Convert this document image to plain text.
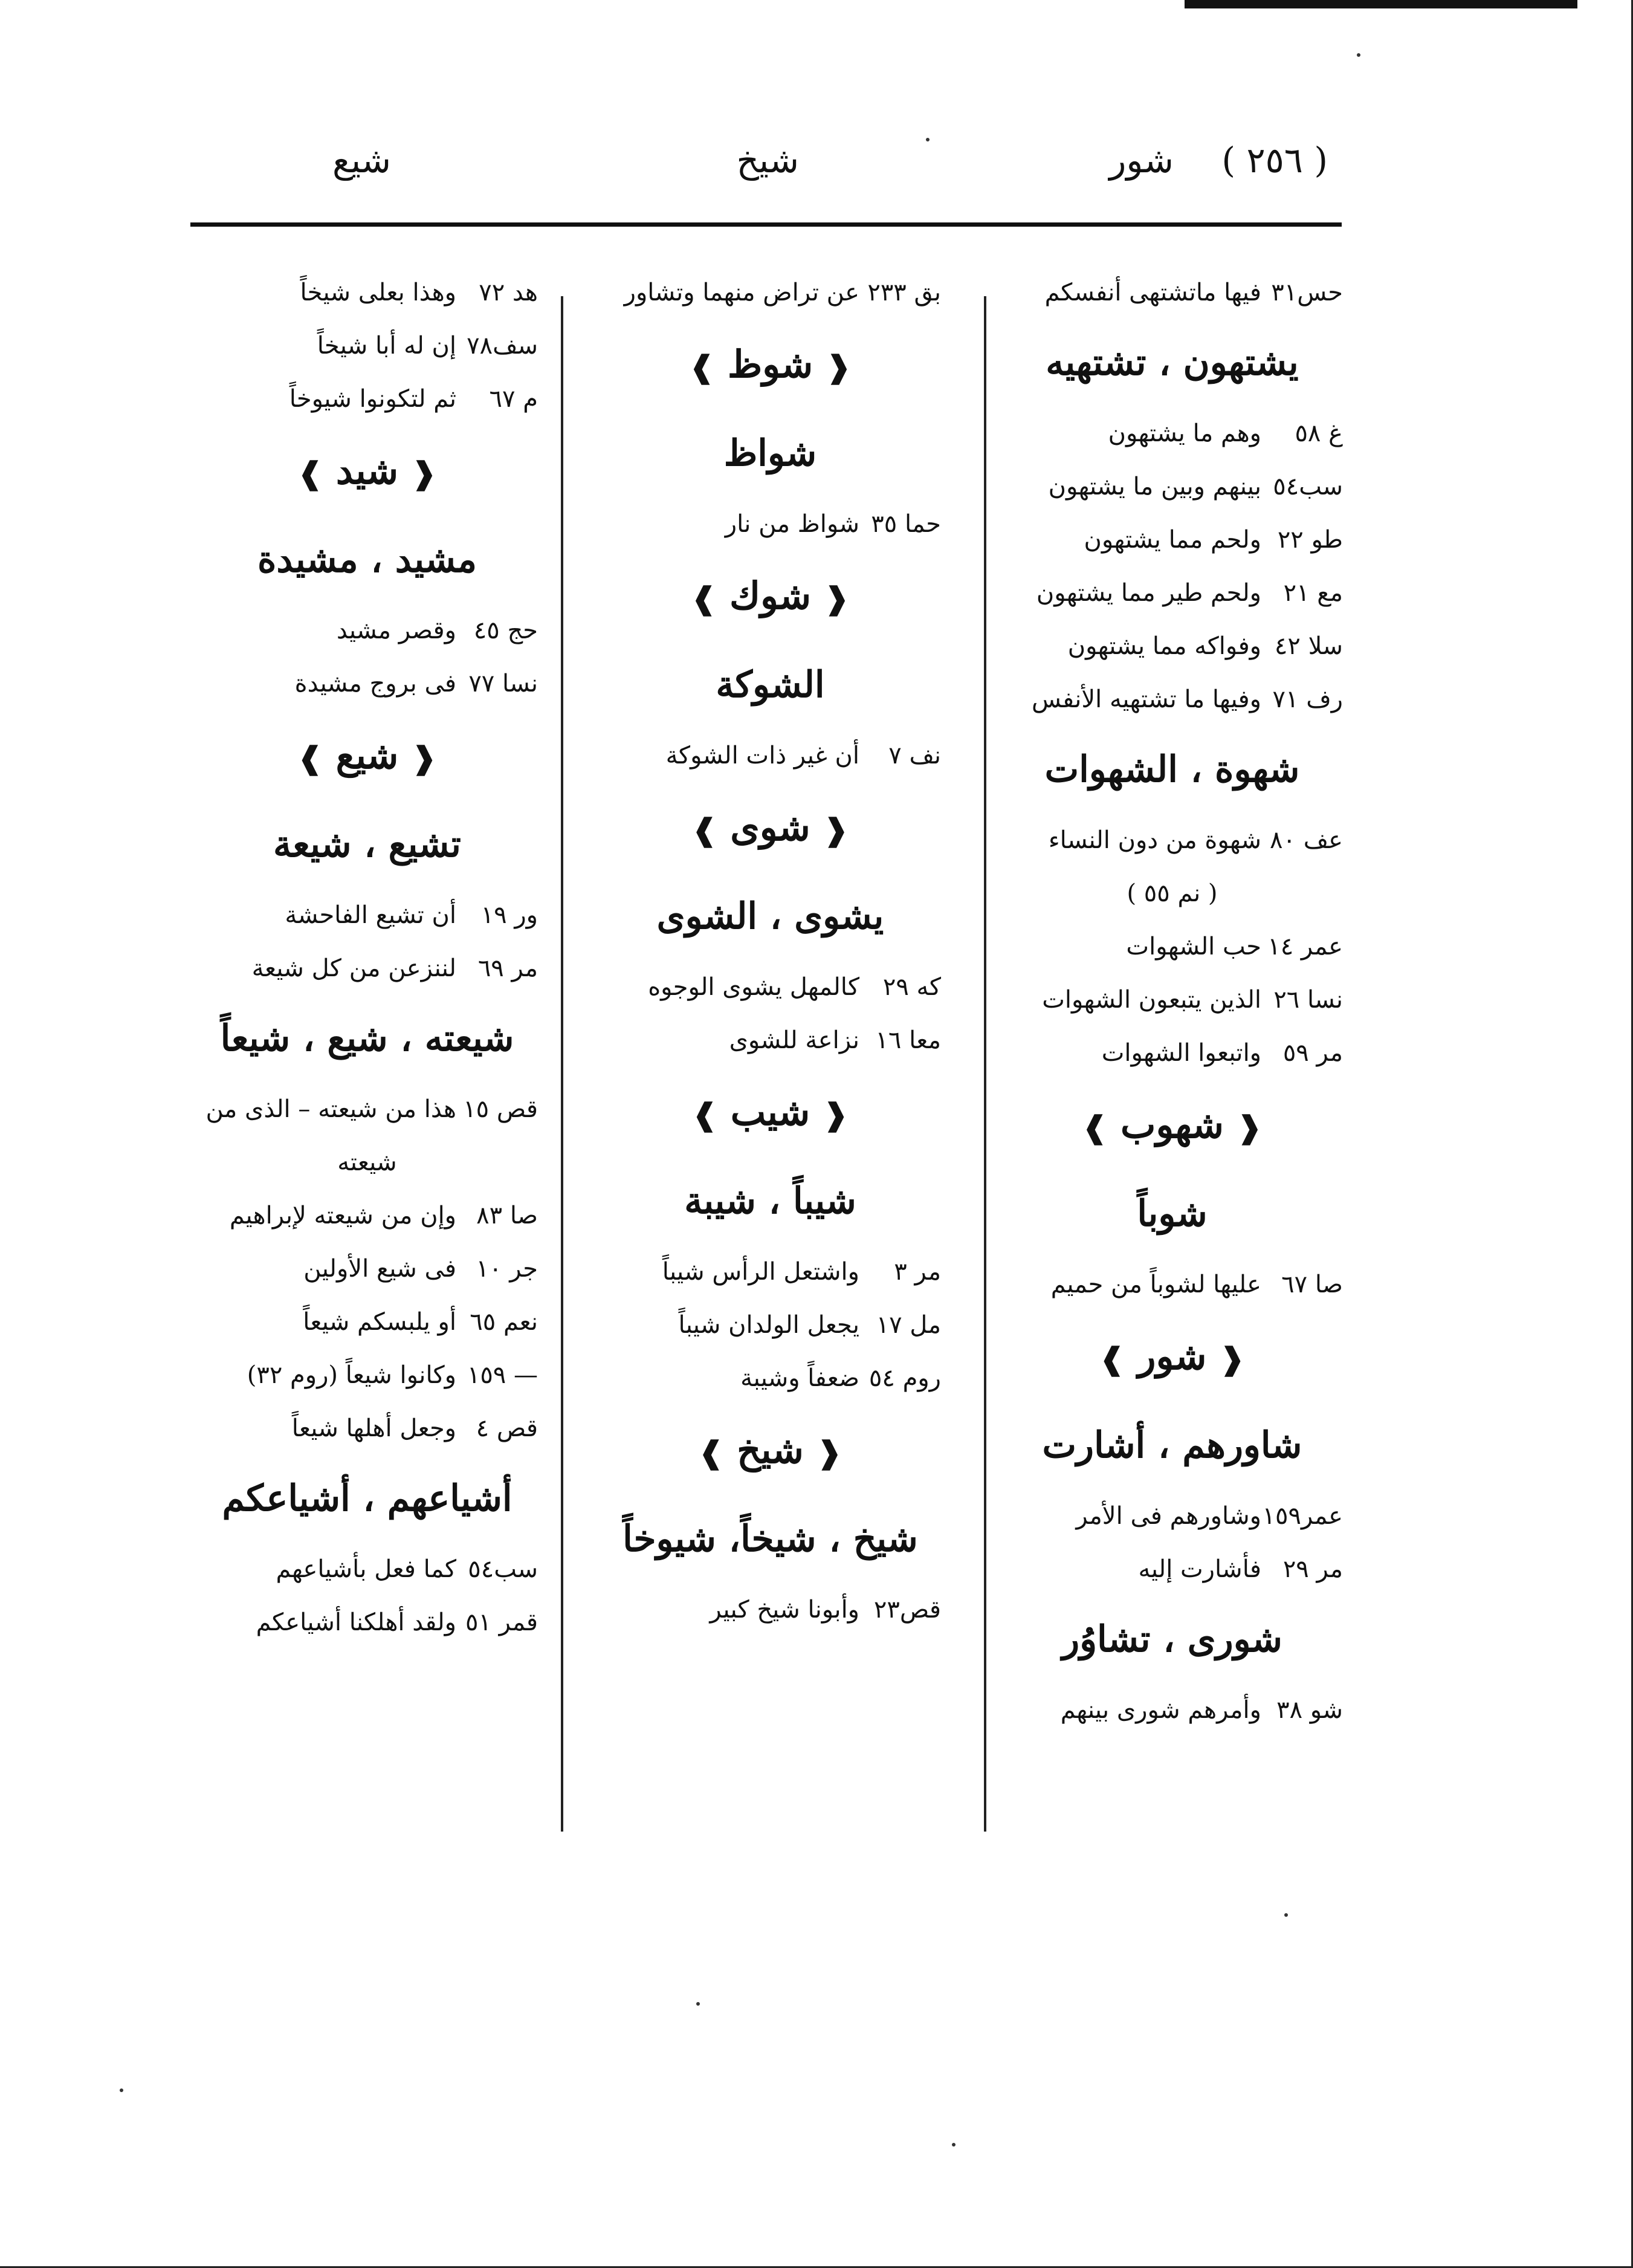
( ٢٥٦ )
شور
شيخ
شيع
حس٣١فيها ماتشتهى أنفسكم
يشتهون ، تشتهيه
غ ٥٨وهم ما يشتهون
سب٥٤بينهم وبين ما يشتهون
طو ٢٢ولحم مما يشتهون
مع ٢١ولحم طير مما يشتهون
سلا ٤٢وفواكه مما يشتهون
رف ٧١وفيها ما تشتهيه الأنفس
شهوة ، الشهوات
عف ٨٠شهوة من دون النساء
( نم ٥٥ )
عمر ١٤حب الشهوات
نسا ٢٦الذين يتبعون الشهوات
مر ٥٩واتبعوا الشهوات
❰ شهوب ❱
شوباً
صا ٦٧عليها لشوباً من حميم
❰ شور ❱
شاورهم ، أشارت
عمر١٥٩وشاورهم فى الأمر
مر ٢٩فأشارت إليه
شورى ، تشاوُر
شو ٣٨وأمرهم شورى بينهم
بق ٢٣٣عن تراض منهما وتشاور
❰ شوظ ❱
شواظ
حما ٣٥شواظ من نار
❰ شوك ❱
الشوكة
نف ٧أن غير ذات الشوكة
❰ شوى ❱
يشوى ، الشوى
كه ٢٩كالمهل يشوى الوجوه
معا ١٦نزاعة للشوى
❰ شيب ❱
شيباً ، شيبة
مر ٣واشتعل الرأس شيباً
مل ١٧يجعل الولدان شيباً
روم ٥٤ضعفاً وشيبة
❰ شيخ ❱
شيخ ، شيخاً، شيوخاً
قص٢٣وأبونا شيخ كبير
هد ٧٢وهذا بعلى شيخاً
سف٧٨إن له أبا شيخاً
م ٦٧ثم لتكونوا شيوخاً
❰ شيد ❱
مشيد ، مشيدة
حج ٤٥وقصر مشيد
نسا ٧٧فى بروج مشيدة
❰ شيع ❱
تشيع ، شيعة
ور ١٩أن تشيع الفاحشة
مر ٦٩لننزعن من كل شيعة
شيعته ، شيع ، شيعاً
قص ١٥هذا من شيعته – الذى من
شيعته
صا ٨٣وإن من شيعته لإبراهيم
جر ١٠فى شيع الأولين
نعم ٦٥أو يلبسكم شيعاً
— ١٥٩وكانوا شيعاً (روم ٣٢)
قص ٤وجعل أهلها شيعاً
أشياعهم ، أشياعكم
سب٥٤كما فعل بأشياعهم
قمر ٥١ولقد أهلكنا أشياعكم
